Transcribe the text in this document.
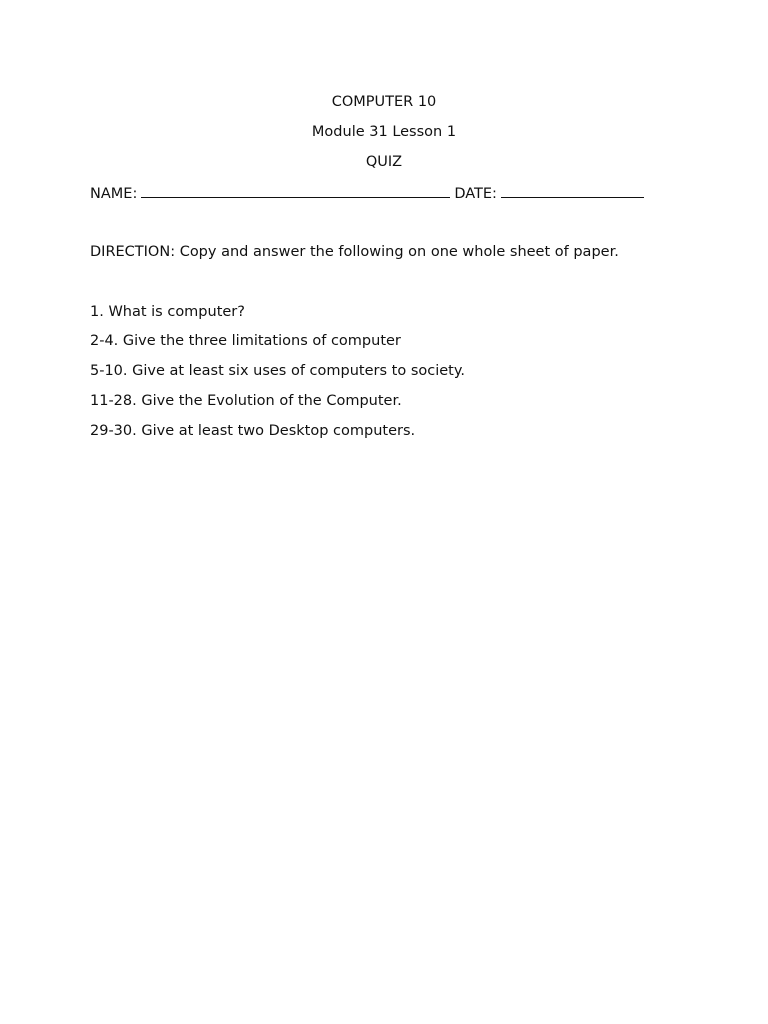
COMPUTER 10
Module 31 Lesson 1
QUIZ
NAME:	DATE:
DIRECTION: Copy and answer the following on one whole sheet of paper.
1. What is computer?
2-4. Give the three limitations of computer
5-10. Give at least six uses of computers to society.
11-28. Give the Evolution of the Computer.
29-30. Give at least two Desktop computers.
